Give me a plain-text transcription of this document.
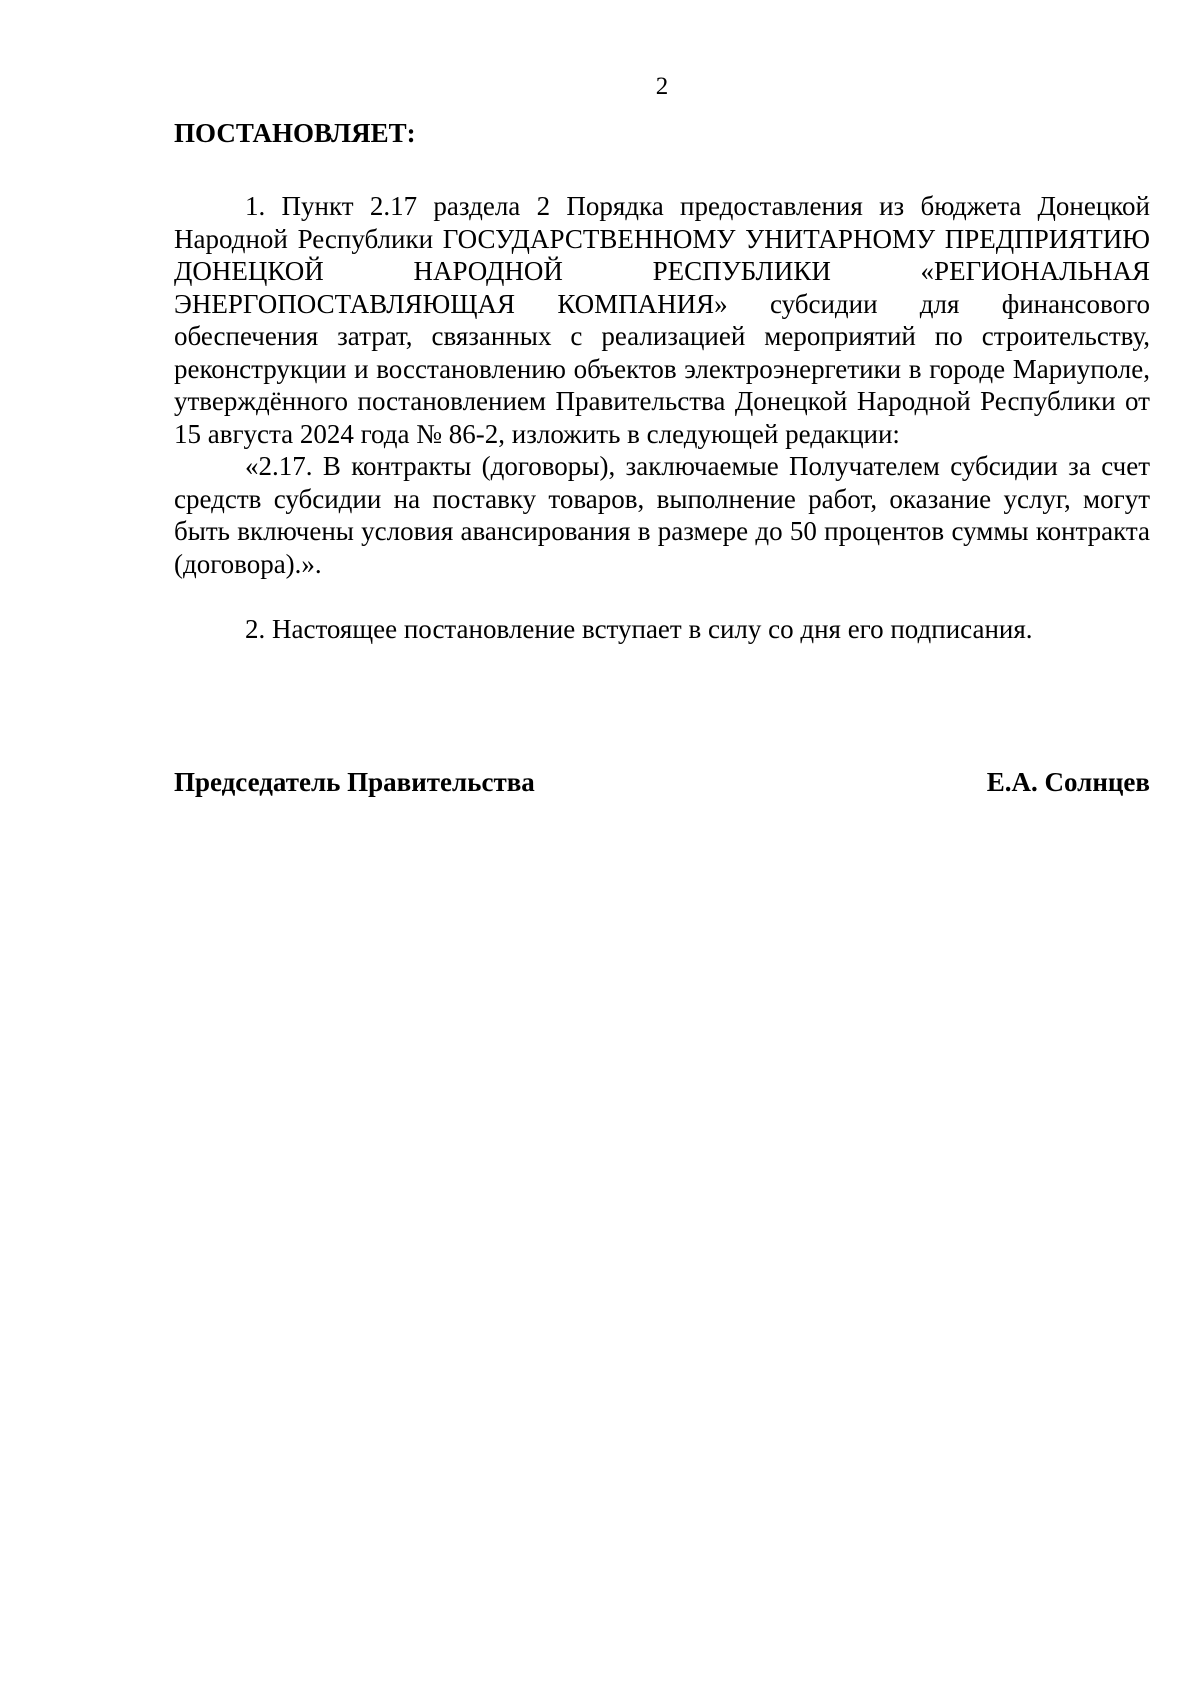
2
ПОСТАНОВЛЯЕТ:

1. Пункт 2.17 раздела 2 Порядка предоставления из бюджета Донецкой Народной Республики ГОСУДАРСТВЕННОМУ УНИТАРНОМУ ПРЕДПРИЯТИЮ ДОНЕЦКОЙ НАРОДНОЙ РЕСПУБЛИКИ «РЕГИОНАЛЬНАЯ ЭНЕРГОПОСТАВЛЯЮЩАЯ КОМПАНИЯ» субсидии для финансового обеспечения затрат, связанных с реализацией мероприятий по строительству, реконструкции и восстановлению объектов электроэнергетики в городе Мариуполе, утверждённого постановлением Правительства Донецкой Народной Республики от 15 августа 2024 года № 86-2, изложить в следующей редакции:

«2.17. В контракты (договоры), заключаемые Получателем субсидии за счет средств субсидии на поставку товаров, выполнение работ, оказание услуг, могут быть включены условия авансирования в размере до 50 процентов суммы контракта (договора).».

2. Настоящее постановление вступает в силу со дня его подписания.

Председатель Правительства	Е.А. Солнцев
